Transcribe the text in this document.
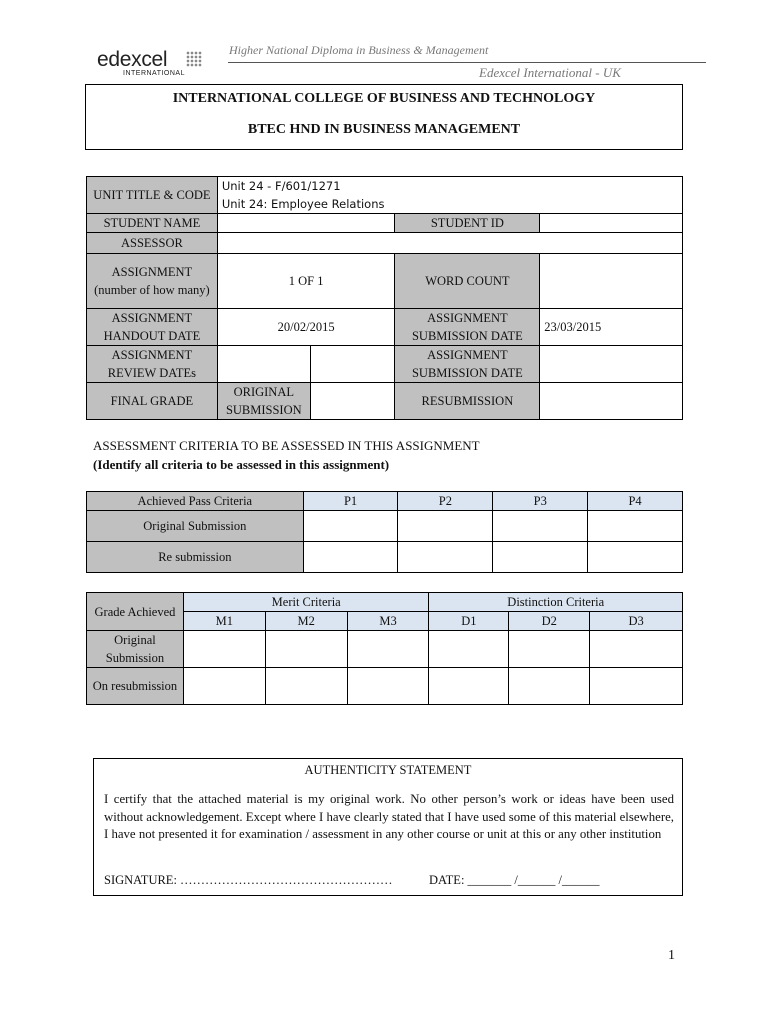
edexcel
INTERNATIONAL
Higher National Diploma in Business & Management
Edexcel International - UK
INTERNATIONAL COLLEGE OF BUSINESS AND TECHNOLOGY
BTEC HND IN BUSINESS MANAGEMENT
UNIT TITLE & CODE	Unit 24 - F/601/1271
Unit 24: Employee Relations			

STUDENT NAME			STUDENT ID	
ASSESSOR				
ASSIGNMENT (number of how many)	1 OF 1		WORD COUNT	
ASSIGNMENT HANDOUT DATE	20/02/2015		ASSIGNMENT SUBMISSION DATE	23/03/2015
ASSIGNMENT REVIEW DATEs			ASSIGNMENT SUBMISSION DATE	
FINAL GRADE	ORIGINAL SUBMISSION		RESUBMISSION	
ASSESSMENT CRITERIA TO BE ASSESSED IN THIS ASSIGNMENT
(Identify all criteria to be assessed in this assignment)
Achieved Pass Criteria	P1	P2	P3	P4
Original Submission				
Re submission				
Grade Achieved	Merit Criteria			Distinction Criteria		
	M1	M2	M3	D1	D2	D3
Original Submission						
On resubmission						
AUTHENTICITY STATEMENT
I certify that the attached material is my original work. No other person’s work or ideas have been used without acknowledgement. Except where I have clearly stated that I have used some of this material elsewhere, I have not presented it for examination / assessment in any other course or unit at this or any other institution
SIGNATURE: ……………………………………………	DATE: _______ /______ /______
1
